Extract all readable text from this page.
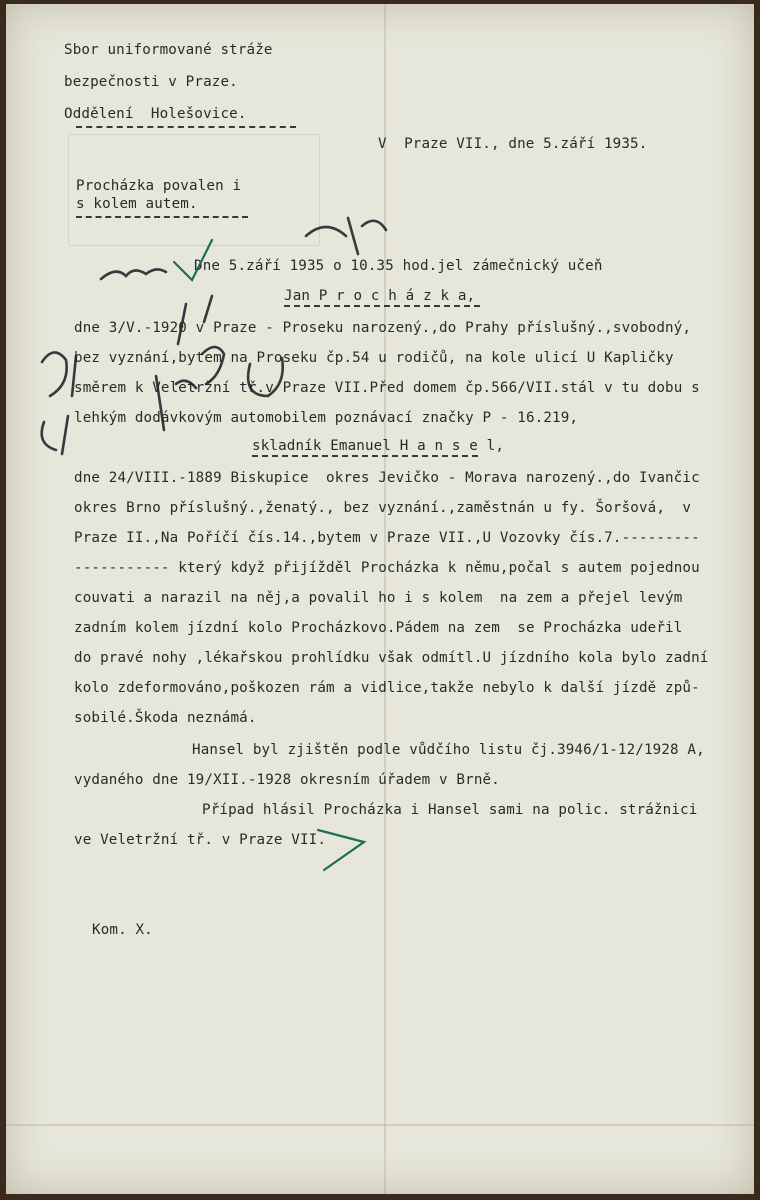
Sbor uniformované stráže
bezpečnosti v Praze.
Oddělení  Holešovice.
V  Praze VII., dne 5.září 1935.
Procházka povalen i
s kolem autem.
Dne 5.září 1935 o 10.35 hod.jel zámečnický učeň
Jan P r o c h á z k a,
dne 3/V.-1920 v Praze - Proseku narozený.,do Prahy příslušný.,svobodný,
bez vyznání,bytem na Proseku čp.54 u rodičů, na kole ulicí U Kapličky
směrem k Veletržní tř.v Praze VII.Před domem čp.566/VII.stál v tu dobu s
lehkým dodávkovým automobilem poznávací značky P - 16.219,
skladník Emanuel H a n s e l,
dne 24/VIII.-1889 Biskupice  okres Jevičko - Morava narozený.,do Ivančic
okres Brno příslušný.,ženatý., bez vyznání.,zaměstnán u fy. Šoršová,  v
Praze II.,Na Poříčí čís.14.,bytem v Praze VII.,U Vozovky čís.7.---------
----------- který když přijížděl Procházka k němu,počal s autem pojednou
couvati a narazil na něj,a povalil ho i s kolem  na zem a přejel levým
zadním kolem jízdní kolo Procházkovo.Pádem na zem  se Procházka udeřil
do pravé nohy ,lékařskou prohlídku však odmítl.U jízdního kola bylo zadní
kolo zdeformováno,poškozen rám a vidlice,takže nebylo k další jízdě způ-
sobilé.Škoda neznámá.
Hansel byl zjištěn podle vůdčího listu čj.3946/1-12/1928 A,
vydaného dne 19/XII.-1928 okresním úřadem v Brně.
Případ hlásil Procházka i Hansel sami na polic. strážnici
ve Veletržní tř. v Praze VII.
Kom. X.
